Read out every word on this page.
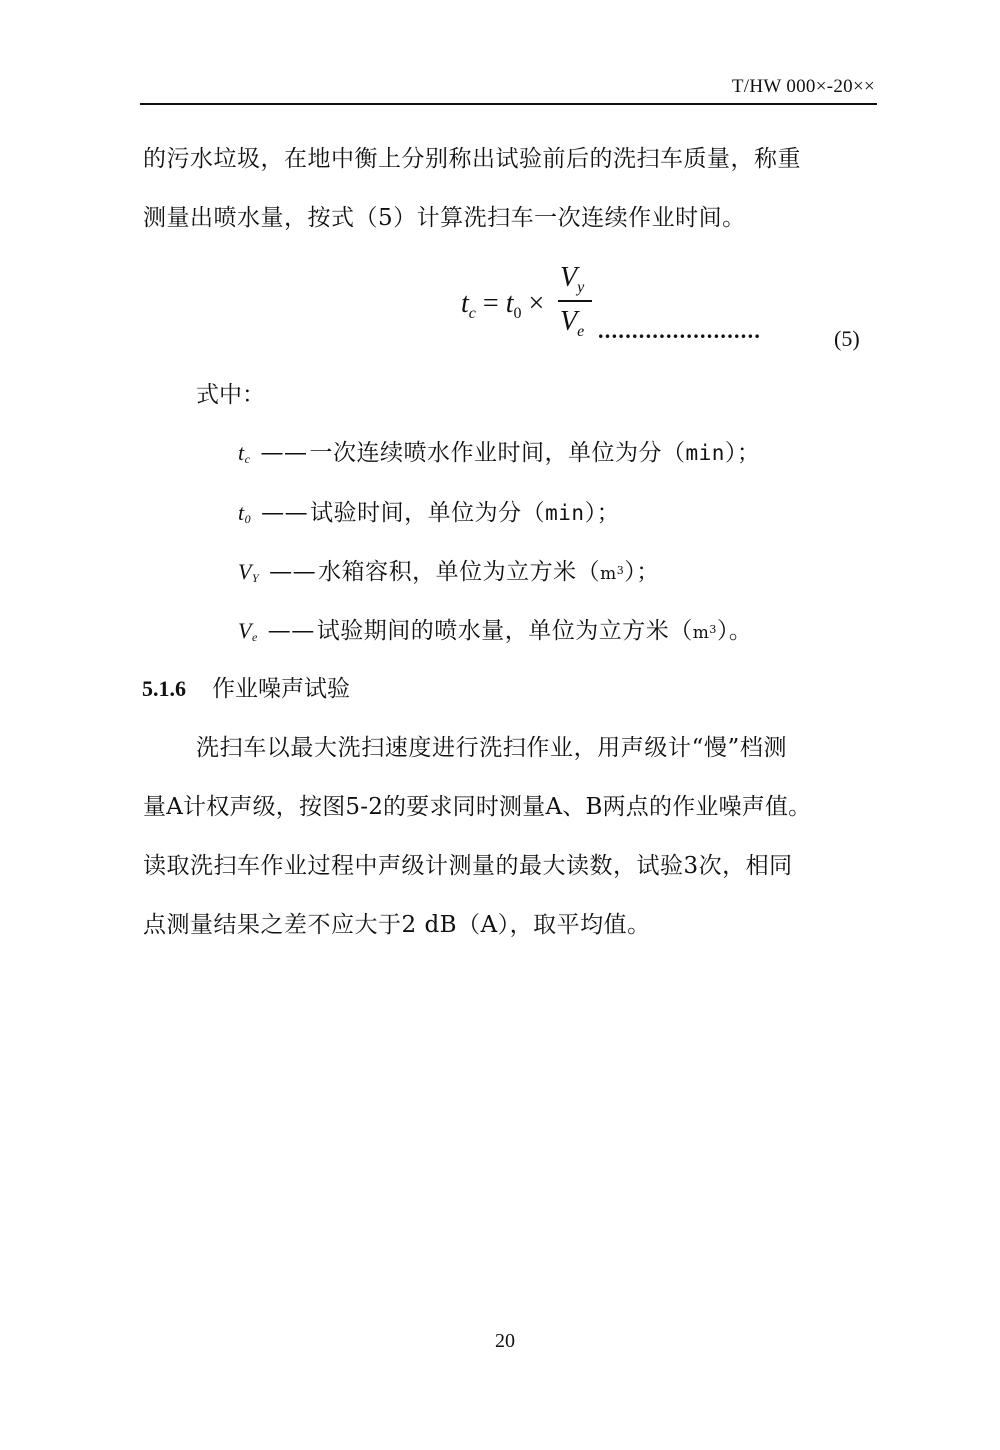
T/HW 000×-20××
的污水垃圾，在地中衡上分别称出试验前后的洗扫车质量，称重
测量出喷水量，按式（5）计算洗扫车一次连续作业时间。
$t_c = t_0$ ×
$V_y$
$V_e$ ........................	(5)
式中：
$t_c$ ——一次连续喷水作业时间，单位为分（min）；
$t_0$ ——试验时间，单位为分（min）；
$V_Y$ ——水箱容积，单位为立方米$(m^3)$；
$V_e$ ——试验期间的喷水量，单位为立方米$(m^3)$。
5.1.6 作业噪声试验
洗扫车以最大洗扫速度进行洗扫作业，用声级计“慢”档测
量A计权声级，按图5-2的要求同时测量A、B两点的作业噪声值。
读取洗扫车作业过程中声级计测量的最大读数，试验3次，相同
点测量结果之差不应大于2 dB（A），取平均值。
20
